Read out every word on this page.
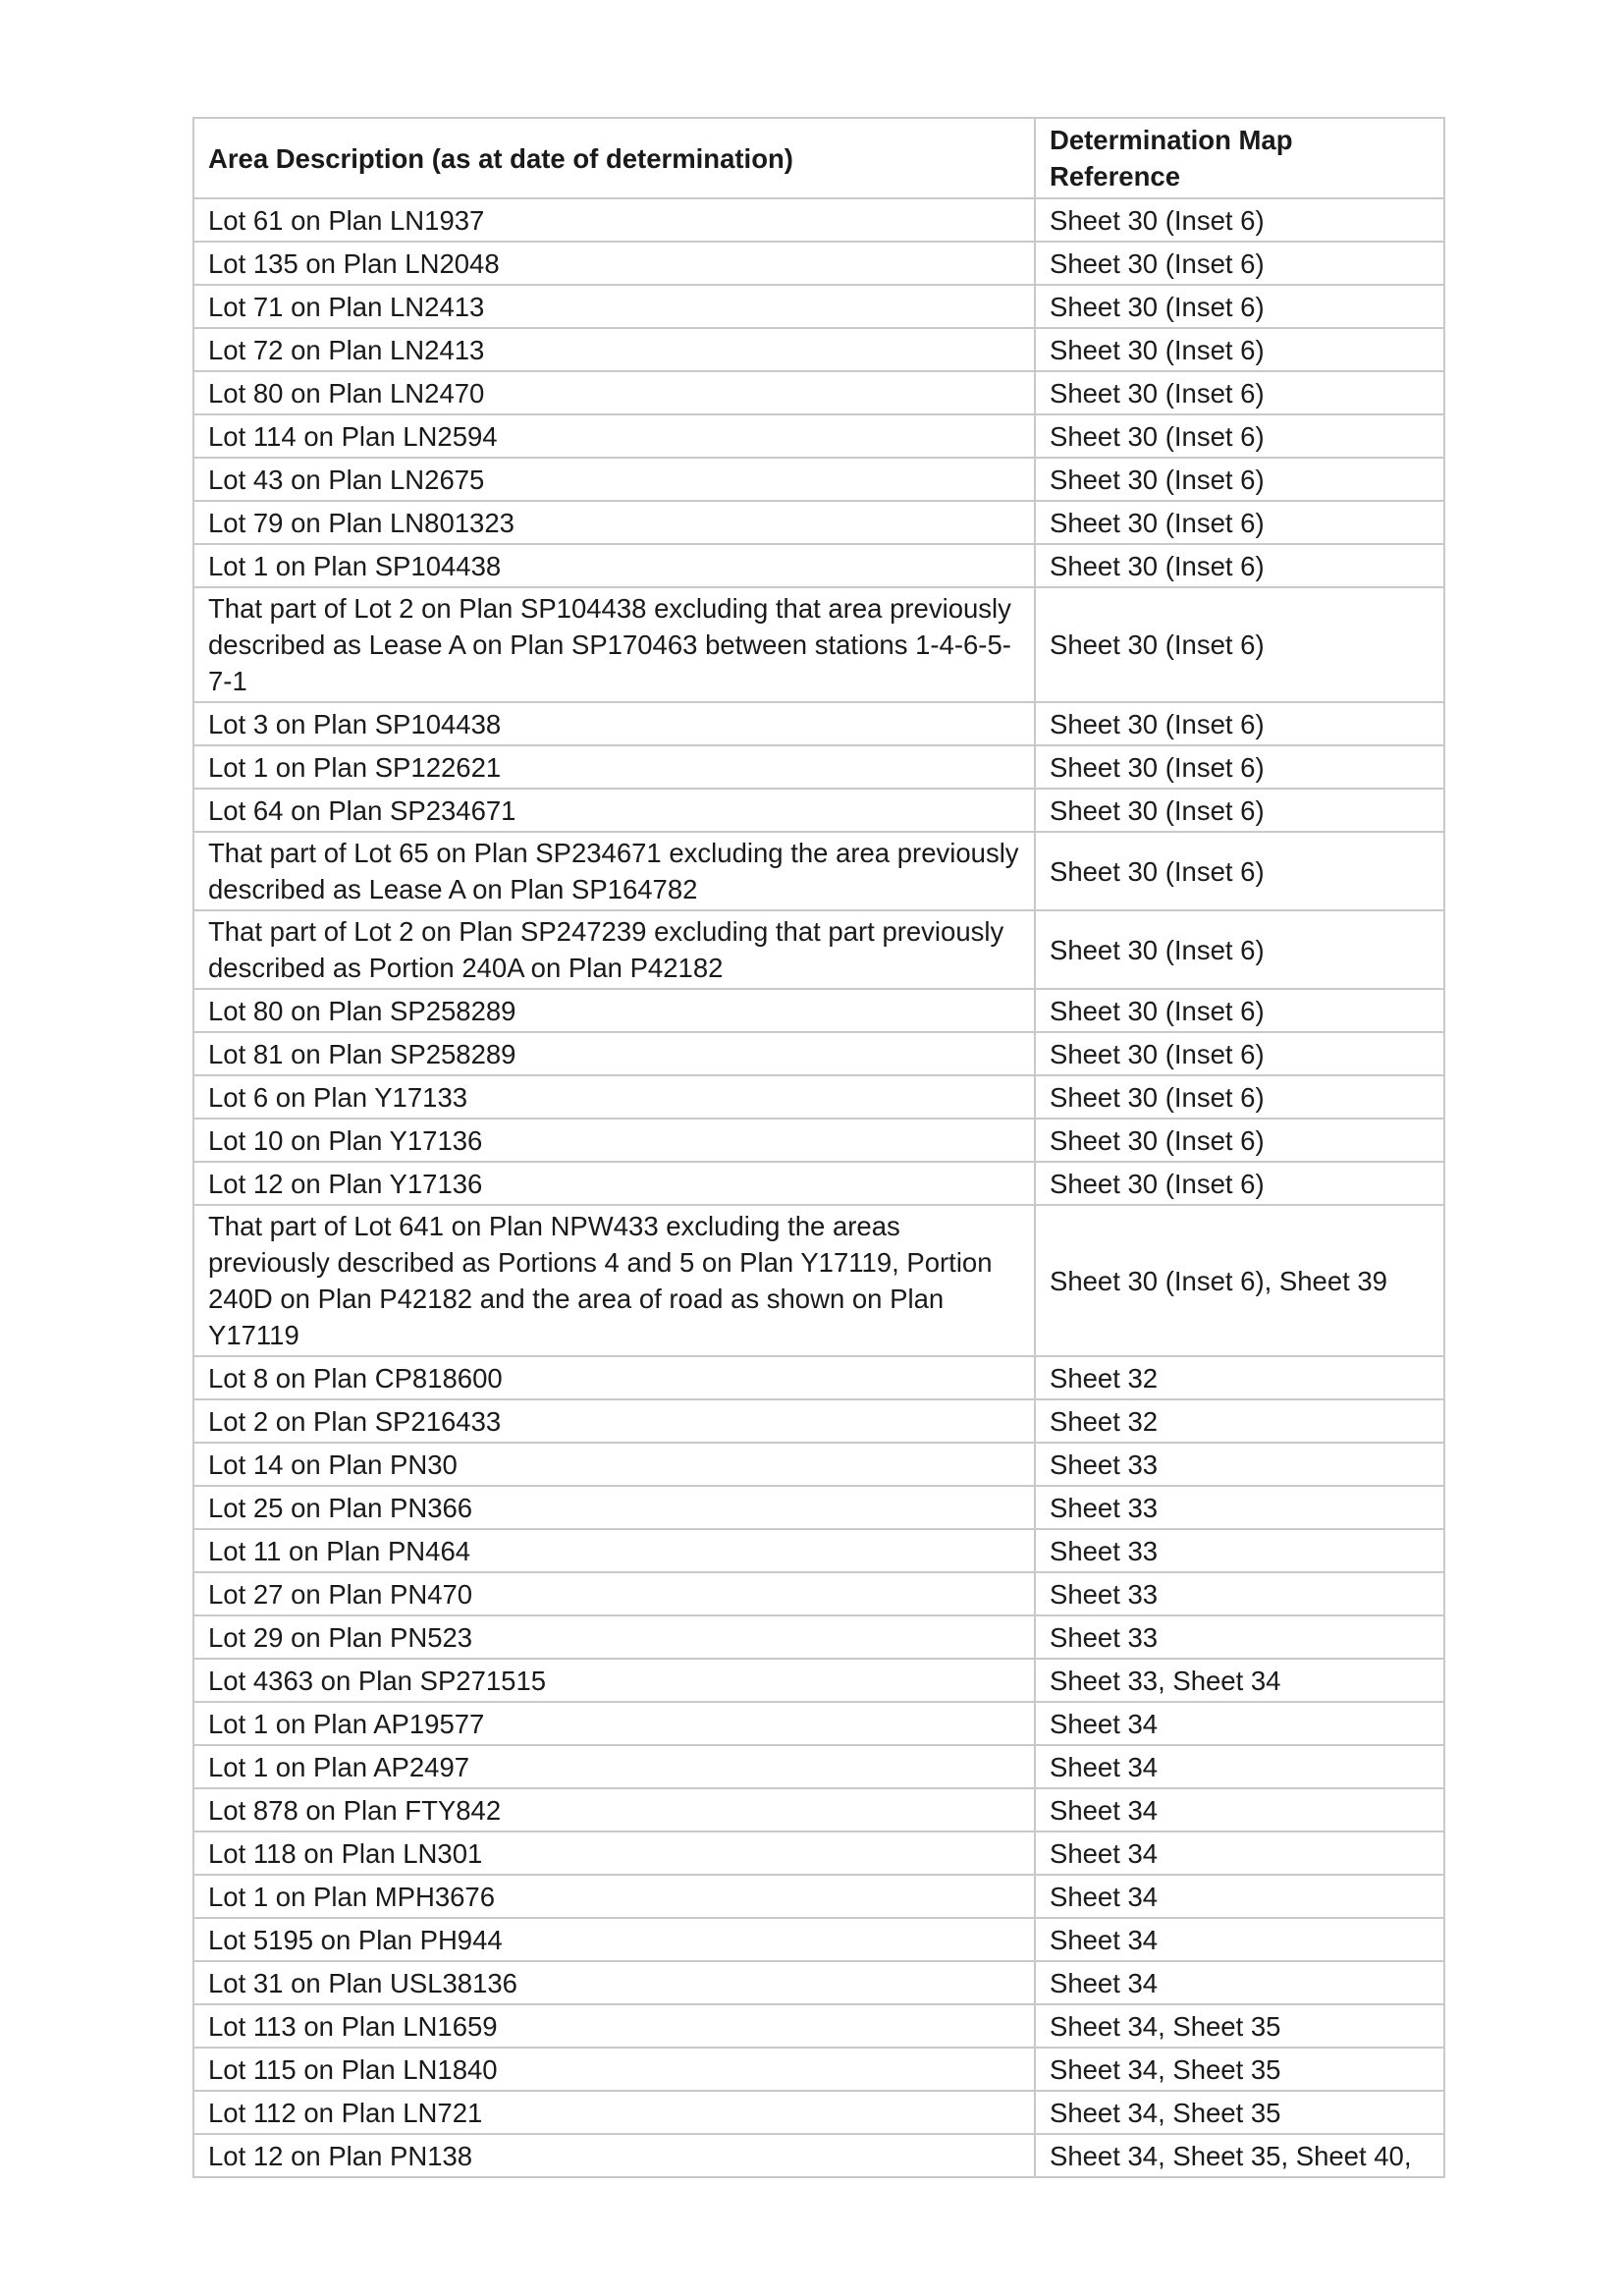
Area Description (as at date of determination)	Determination Map Reference
Lot 61 on Plan LN1937	Sheet 30 (Inset 6)
Lot 135 on Plan LN2048	Sheet 30 (Inset 6)
Lot 71 on Plan LN2413	Sheet 30 (Inset 6)
Lot 72 on Plan LN2413	Sheet 30 (Inset 6)
Lot 80 on Plan LN2470	Sheet 30 (Inset 6)
Lot 114 on Plan LN2594	Sheet 30 (Inset 6)
Lot 43 on Plan LN2675	Sheet 30 (Inset 6)
Lot 79 on Plan LN801323	Sheet 30 (Inset 6)
Lot 1 on Plan SP104438	Sheet 30 (Inset 6)
That part of Lot 2 on Plan SP104438 excluding that area previously described as Lease A on Plan SP170463 between stations 1-4-6-5-7-1	Sheet 30 (Inset 6)
Lot 3 on Plan SP104438	Sheet 30 (Inset 6)
Lot 1 on Plan SP122621	Sheet 30 (Inset 6)
Lot 64 on Plan SP234671	Sheet 30 (Inset 6)
That part of Lot 65 on Plan SP234671 excluding the area previously described as Lease A on Plan SP164782	Sheet 30 (Inset 6)
That part of Lot 2 on Plan SP247239 excluding that part previously described as Portion 240A on Plan P42182	Sheet 30 (Inset 6)
Lot 80 on Plan SP258289	Sheet 30 (Inset 6)
Lot 81 on Plan SP258289	Sheet 30 (Inset 6)
Lot 6 on Plan Y17133	Sheet 30 (Inset 6)
Lot 10 on Plan Y17136	Sheet 30 (Inset 6)
Lot 12 on Plan Y17136	Sheet 30 (Inset 6)
That part of Lot 641 on Plan NPW433 excluding the areas previously described as Portions 4 and 5 on Plan Y17119, Portion 240D on Plan P42182 and the area of road as shown on Plan Y17119	Sheet 30 (Inset 6), Sheet 39
Lot 8 on Plan CP818600	Sheet 32
Lot 2 on Plan SP216433	Sheet 32
Lot 14 on Plan PN30	Sheet 33
Lot 25 on Plan PN366	Sheet 33
Lot 11 on Plan PN464	Sheet 33
Lot 27 on Plan PN470	Sheet 33
Lot 29 on Plan PN523	Sheet 33
Lot 4363 on Plan SP271515	Sheet 33, Sheet 34
Lot 1 on Plan AP19577	Sheet 34
Lot 1 on Plan AP2497	Sheet 34
Lot 878 on Plan FTY842	Sheet 34
Lot 118 on Plan LN301	Sheet 34
Lot 1 on Plan MPH3676	Sheet 34
Lot 5195 on Plan PH944	Sheet 34
Lot 31 on Plan USL38136	Sheet 34
Lot 113 on Plan LN1659	Sheet 34, Sheet 35
Lot 115 on Plan LN1840	Sheet 34, Sheet 35
Lot 112 on Plan LN721	Sheet 34, Sheet 35
Lot 12 on Plan PN138	Sheet 34, Sheet 35, Sheet 40,
